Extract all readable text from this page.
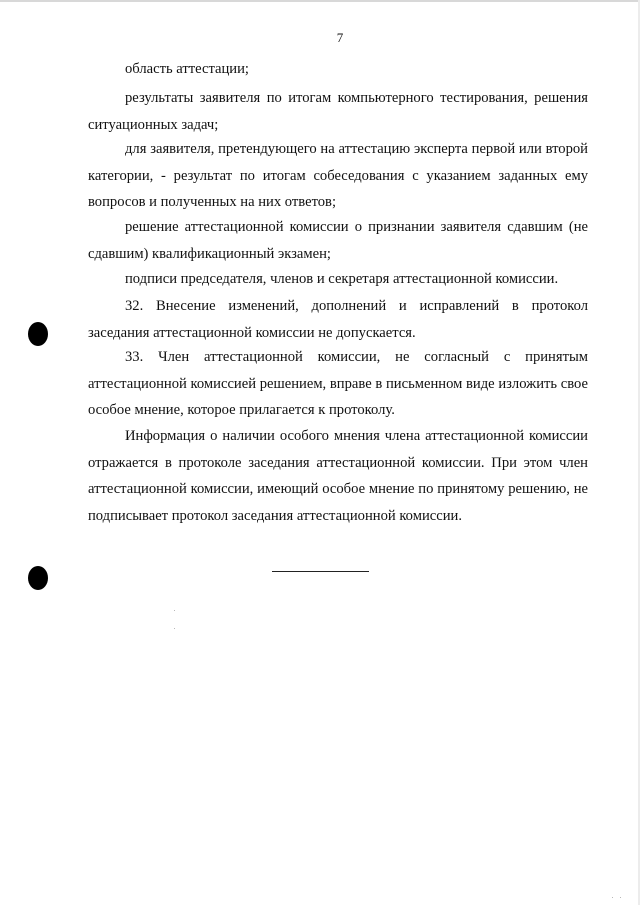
7

область аттестации;

результаты заявителя по итогам компьютерного тестирования, решения ситуационных задач;

для заявителя, претендующего на аттестацию эксперта первой или второй категории, - результат по итогам собеседования с указанием заданных ему вопросов и полученных на них ответов;

решение аттестационной комиссии о признании заявителя сдавшим (не сдавшим) квалификационный экзамен;

подписи председателя, членов и секретаря аттестационной комиссии.

32. Внесение изменений, дополнений и исправлений в протокол заседания аттестационной комиссии не допускается.

33. Член аттестационной комиссии, не согласный с принятым аттестационной комиссией решением, вправе в письменном виде изложить свое особое мнение, которое прилагается к протоколу.

Информация о наличии особого мнения члена аттестационной комиссии отражается в протоколе заседания аттестационной комиссии. При этом член аттестационной комиссии, имеющий особое мнение по принятому решению, не подписывает протокол заседания аттестационной комиссии.
